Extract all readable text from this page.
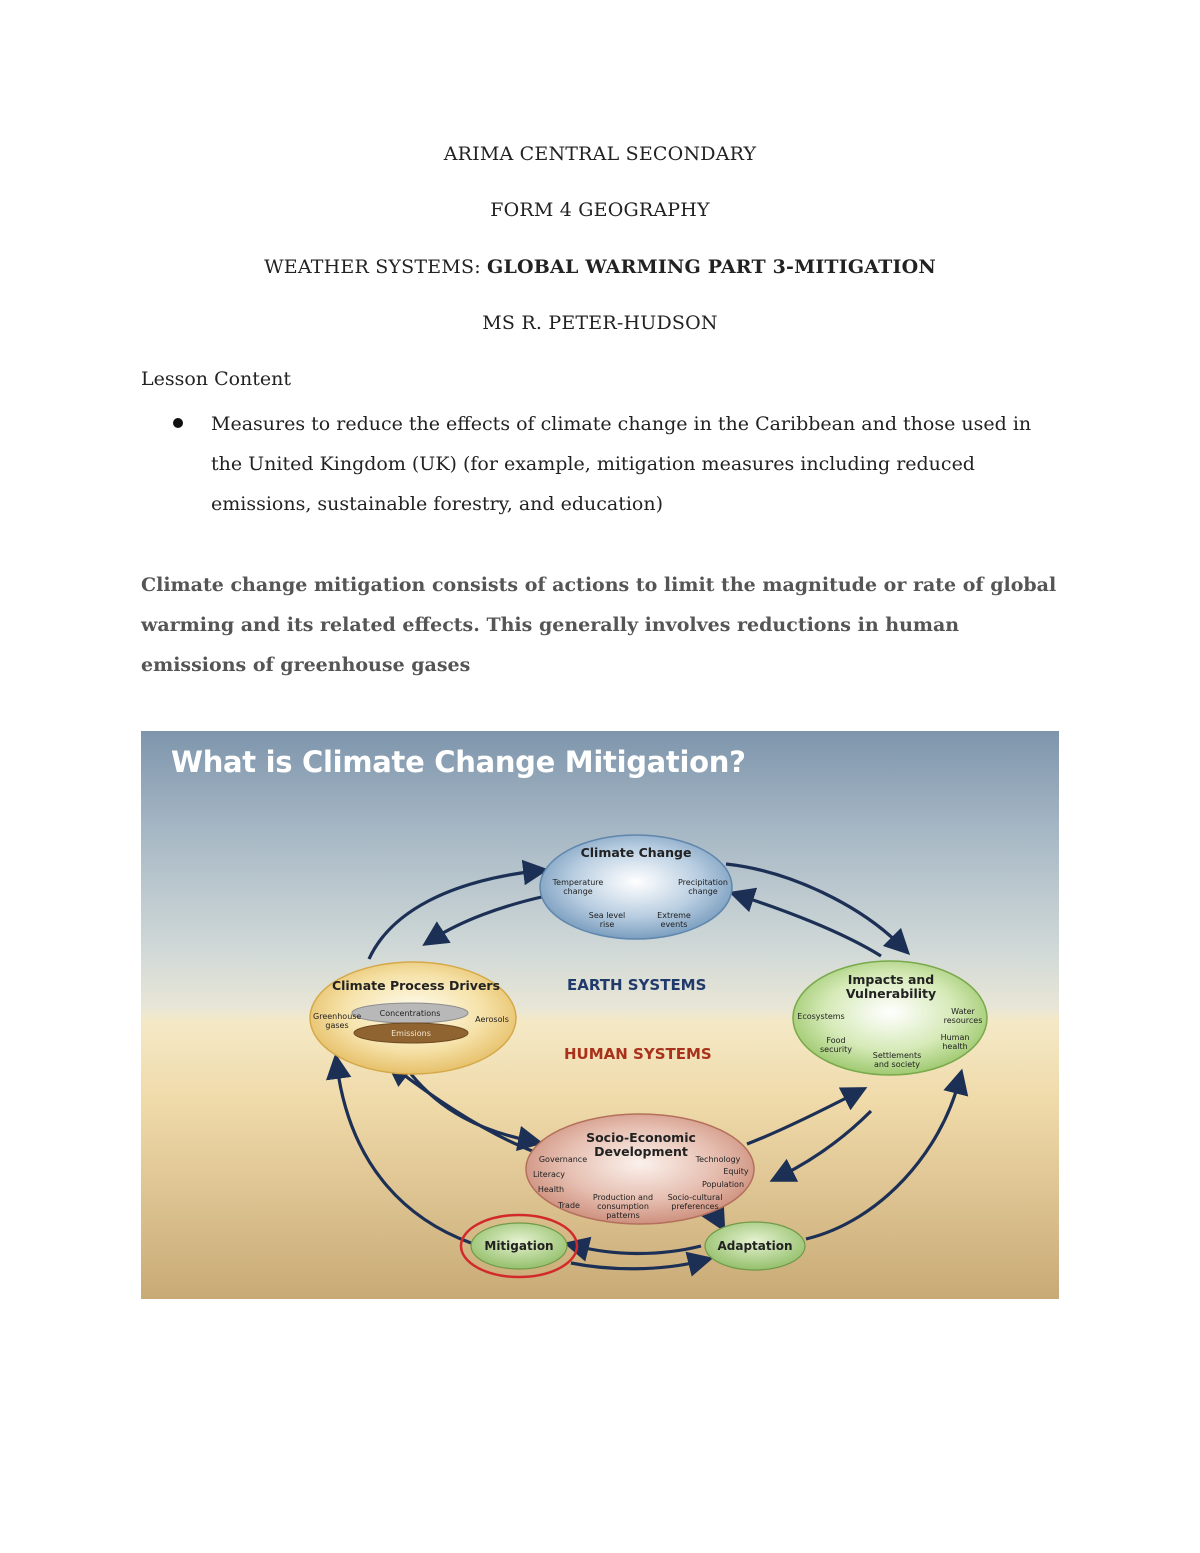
ARIMA CENTRAL SECONDARY
FORM 4 GEOGRAPHY
WEATHER SYSTEMS: GLOBAL WARMING PART 3-MITIGATION
MS R. PETER-HUDSON
Lesson Content
Measures to reduce the effects of climate change in the Caribbean and those used in the United Kingdom (UK) (for example, mitigation measures including reduced emissions, sustainable forestry, and education)
Climate change mitigation consists of actions to limit the magnitude or rate of global warming and its related effects. This generally involves reductions in human emissions of greenhouse gases
What is Climate Change Mitigation?
Climate Change
Temperature change
Precipitation change
Sea level rise
Extreme events
Climate Process Drivers
Greenhouse gases
Concentrations
Emissions
Aerosols
EARTH SYSTEMS
HUMAN SYSTEMS
Impacts and
Vulnerability
Ecosystems
Water resources
Food security
Human health
Settlements and society
Socio-Economic
Development
Governance
Literacy
Health
Trade
Technology
Equity
Population
Production and consumption patterns
Socio-cultural preferences
Mitigation	Adaptation
